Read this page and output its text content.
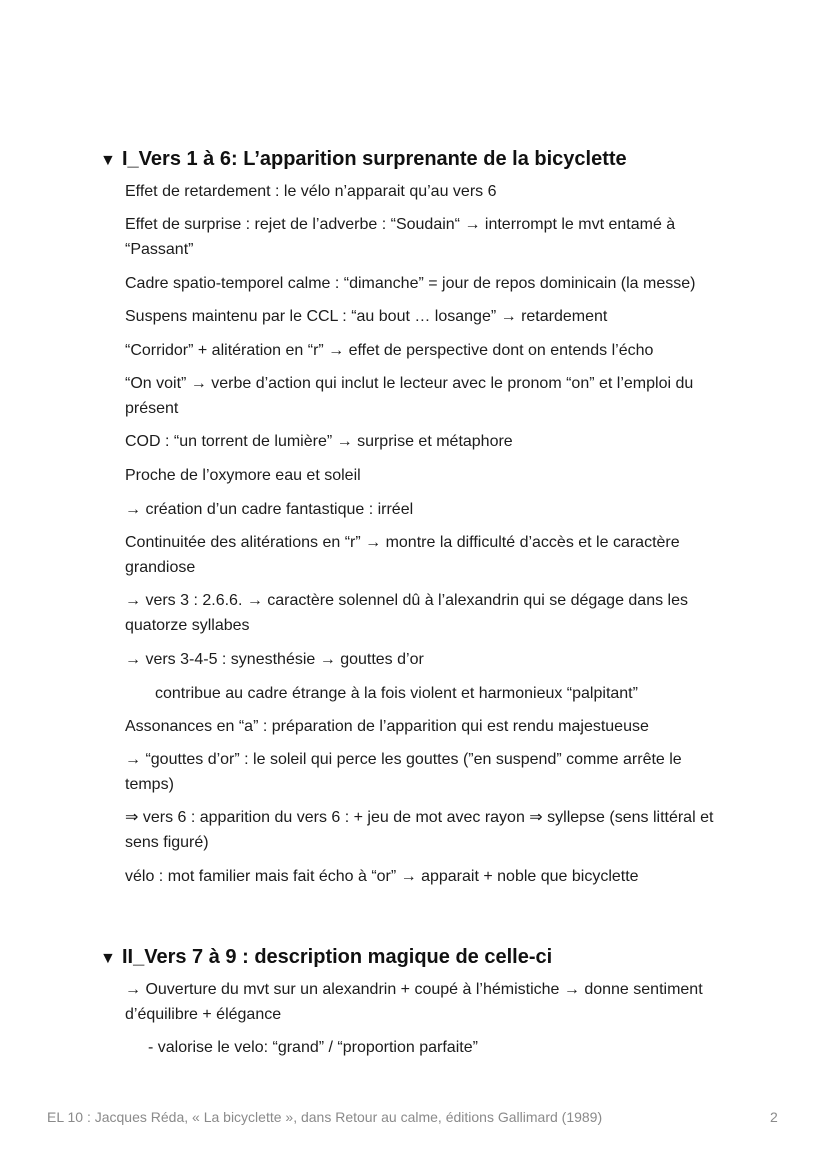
▼ I_Vers 1 à 6: L’apparition surprenante de la bicyclette
Effet de retardement : le vélo n’apparait qu’au vers 6
Effet de surprise : rejet de l’adverbe : “Soudain“ → interrompt le mvt entamé à “Passant”
Cadre spatio-temporel calme : “dimanche” = jour de repos dominicain (la messe)
Suspens maintenu par le CCL : “au bout … losange” → retardement
“Corridor” + alitération en “r” → effet de perspective dont on entends l’écho
“On voit” → verbe d’action qui inclut le lecteur avec le pronom “on” et l’emploi du présent
COD : “un torrent de lumière” → surprise et métaphore
Proche de l’oxymore eau et soleil
→ création d’un cadre fantastique : irréel
Continuitée des alitérations en “r” → montre la difficulté d’accès et le caractère grandiose
→ vers 3 : 2.6.6. → caractère solennel dû à l’alexandrin qui se dégage dans les quatorze syllabes
→ vers 3-4-5 : synesthésie → gouttes d’or
contribue au cadre étrange à la fois violent et harmonieux “palpitant”
Assonances en “a” : préparation de l’apparition qui est rendu majestueuse
→ “gouttes d’or” : le soleil qui perce les gouttes (”en suspend” comme arrête le temps)
⇒ vers 6 : apparition du vers 6 : + jeu de mot avec rayon ⇒ syllepse (sens littéral et sens figuré)
vélo : mot familier mais fait écho à “or” → apparait + noble que bicyclette
▼ II_Vers 7 à 9 : description magique de celle-ci
→ Ouverture du mvt sur un alexandrin + coupé à l’hémistiche → donne sentiment d’équilibre + élégance
- valorise le velo: “grand” / “proportion parfaite”
EL 10 : Jacques Réda, « La bicyclette », dans Retour au calme, éditions Gallimard (1989)	2
